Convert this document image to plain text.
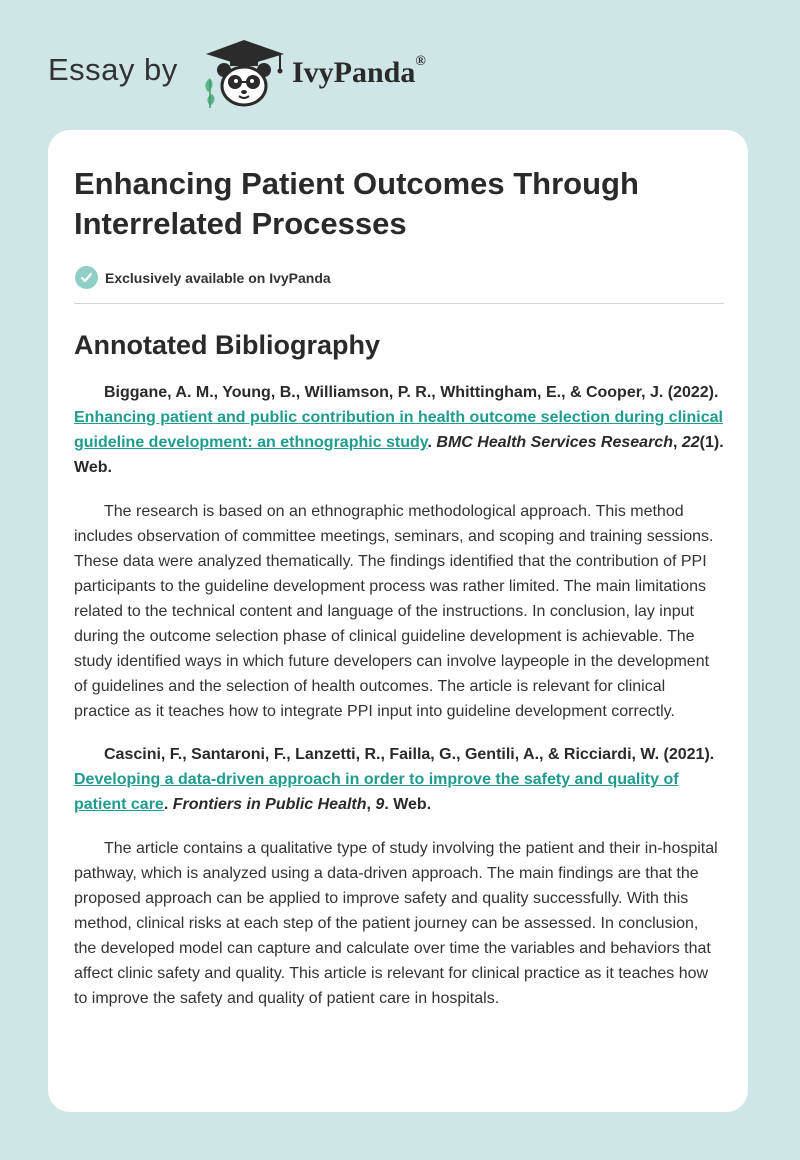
Essay by	IvyPanda®
Enhancing Patient Outcomes Through Interrelated Processes
Exclusively available on IvyPanda
Annotated Bibliography
Biggane, A. M., Young, B., Williamson, P. R., Whittingham, E., & Cooper, J. (2022). Enhancing patient and public contribution in health outcome selection during clinical guideline development: an ethnographic study. BMC Health Services Research, 22(1). Web.

The research is based on an ethnographic methodological approach. This method includes observation of committee meetings, seminars, and scoping and training sessions. These data were analyzed thematically. The findings identified that the contribution of PPI participants to the guideline development process was rather limited. The main limitations related to the technical content and language of the instructions. In conclusion, lay input during the outcome selection phase of clinical guideline development is achievable. The study identified ways in which future developers can involve laypeople in the development of guidelines and the selection of health outcomes. The article is relevant for clinical practice as it teaches how to integrate PPI input into guideline development correctly.

Cascini, F., Santaroni, F., Lanzetti, R., Failla, G., Gentili, A., & Ricciardi, W. (2021). Developing a data-driven approach in order to improve the safety and quality of patient care. Frontiers in Public Health, 9. Web.

The article contains a qualitative type of study involving the patient and their in-hospital pathway, which is analyzed using a data-driven approach. The main findings are that the proposed approach can be applied to improve safety and quality successfully. With this method, clinical risks at each step of the patient journey can be assessed. In conclusion, the developed model can capture and calculate over time the variables and behaviors that affect clinic safety and quality. This article is relevant for clinical practice as it teaches how to improve the safety and quality of patient care in hospitals.
